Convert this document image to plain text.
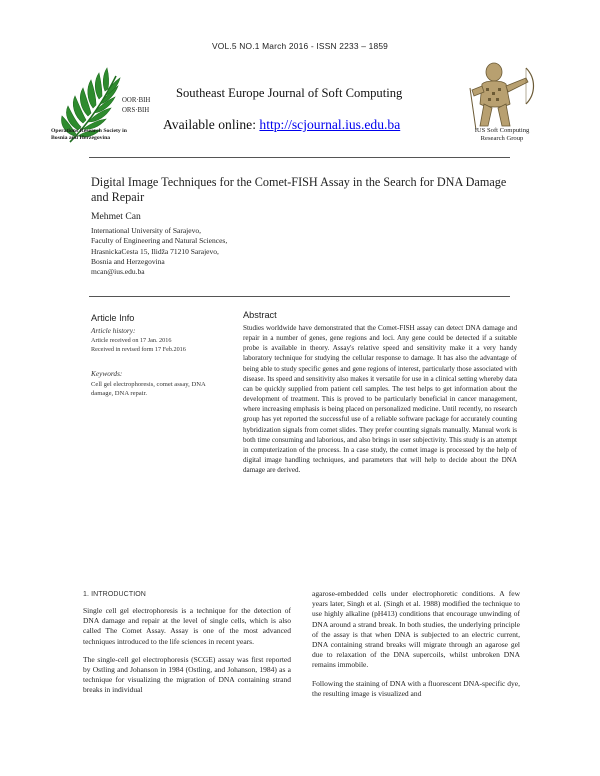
VOL.5 NO.1 March 2016 - ISSN 2233 – 1859
OOR·BIH
ORS·BIH
Operations Research Society in
Bosnia and Herzegovina
Southeast Europe Journal of Soft Computing
Available online: http://scjournal.ius.edu.ba	IUS Soft Computing
Research Group
Digital Image Techniques for the Comet-FISH Assay in the Search for DNA Damage and Repair
Mehmet Can
International University of Sarajevo,
Faculty of Engineering and Natural Sciences,
HrasnickaCesta 15, Ilidža 71210 Sarajevo,
Bosnia and Herzegovina
mcan@ius.edu.ba
Article Info
Article history:
Article received on 17 Jan. 2016
Received in revised form 17 Feb.2016
Keywords:
Cell gel electrophoresis, comet assay, DNA damage, DNA repair.
Abstract
Studies worldwide have demonstrated that the Comet-FISH assay can detect DNA damage and repair in a number of genes, gene regions and loci. Any gene could be detected if a suitable probe is available in theory. Assay's relative speed and sensitivity make it a very handy laboratory technique for studying the cellular response to damage. It has also the advantage of being able to study specific genes and gene regions of interest, particularly those associated with disease. Its speed and sensitivity also makes it versatile for use in a clinical setting whereby data can be quickly supplied from patient cell samples. The test helps to get information about the development of treatment. This is proved to be particularly beneficial in cancer management, where increasing emphasis is being placed on personalized medicine. Until recently, no research group has yet reported the successful use of a reliable software package for accurately counting hybridization signals from comet slides. They prefer counting signals manually. Manual work is both time consuming and laborious, and also brings in user subjectivity. This study is an attempt in computerization of the process. In a case study, the comet image is processed by the help of digital image handling techniques, and parameters that will help to decide about the DNA damage are derived.
1. INTRODUCTION

Single cell gel electrophoresis is a technique for the detection of DNA damage and repair at the level of single cells, which is also called The Comet Assay. Assay is one of the most advanced techniques introduced to the life sciences in recent years.

The single-cell gel electrophoresis (SCGE) assay was first reported by Ostling and Johanson in 1984 (Ostling, and Johanson, 1984) as a technique for visualizing the migration of DNA containing strand breaks in individual

agarose-embedded cells under electrophoretic conditions. A few years later, Singh et al. (Singh et al. 1988) modified the technique to use highly alkaline (pH413) conditions that encourage unwinding of DNA around a strand break. In both studies, the underlying principle of the assay is that when DNA is subjected to an electric current, DNA containing strand breaks will migrate through an agarose gel due to relaxation of the DNA supercoils, whilst unbroken DNA remains immobile.

Following the staining of DNA with a fluorescent DNA-specific dye, the resulting image is visualized and
